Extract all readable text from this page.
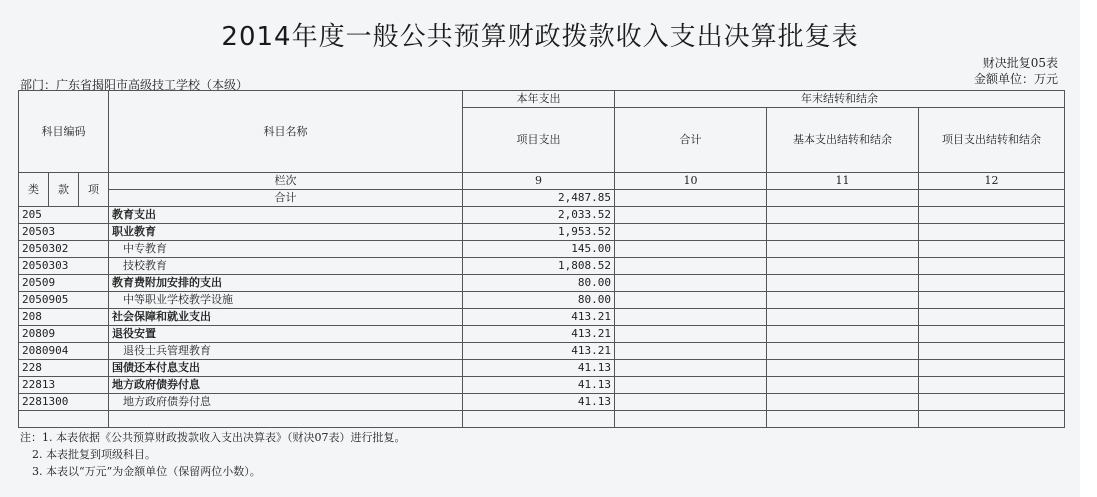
2014年度一般公共预算财政拨款收入支出决算批复表
财决批复05表
金额单位：万元
部门：广东省揭阳市高级技工学校（本级）
科目编码			科目名称	本年支出	年末结转和结余		
				项目支出	合计	基本支出结转和结余	项目支出结转和结余
类	款	项	栏次	9	10	11	12
			合计	2,487.85			
205			教育支出	2,033.52			
20503			职业教育	1,953.52			
2050302			中专教育	145.00			
2050303			技校教育	1,808.52			
20509			教育费附加安排的支出	80.00			
2050905			中等职业学校教学设施	80.00			
208			社会保障和就业支出	413.21			
20809			退役安置	413.21			
2080904			退役士兵管理教育	413.21			
228			国债还本付息支出	41.13			
22813			地方政府债券付息	41.13			
2281300			地方政府债券付息	41.13			

注：1. 本表依据《公共预算财政拨款收入支出决算表》（财决07表）进行批复。
2. 本表批复到项级科目。
3. 本表以“万元”为金额单位（保留两位小数）。
